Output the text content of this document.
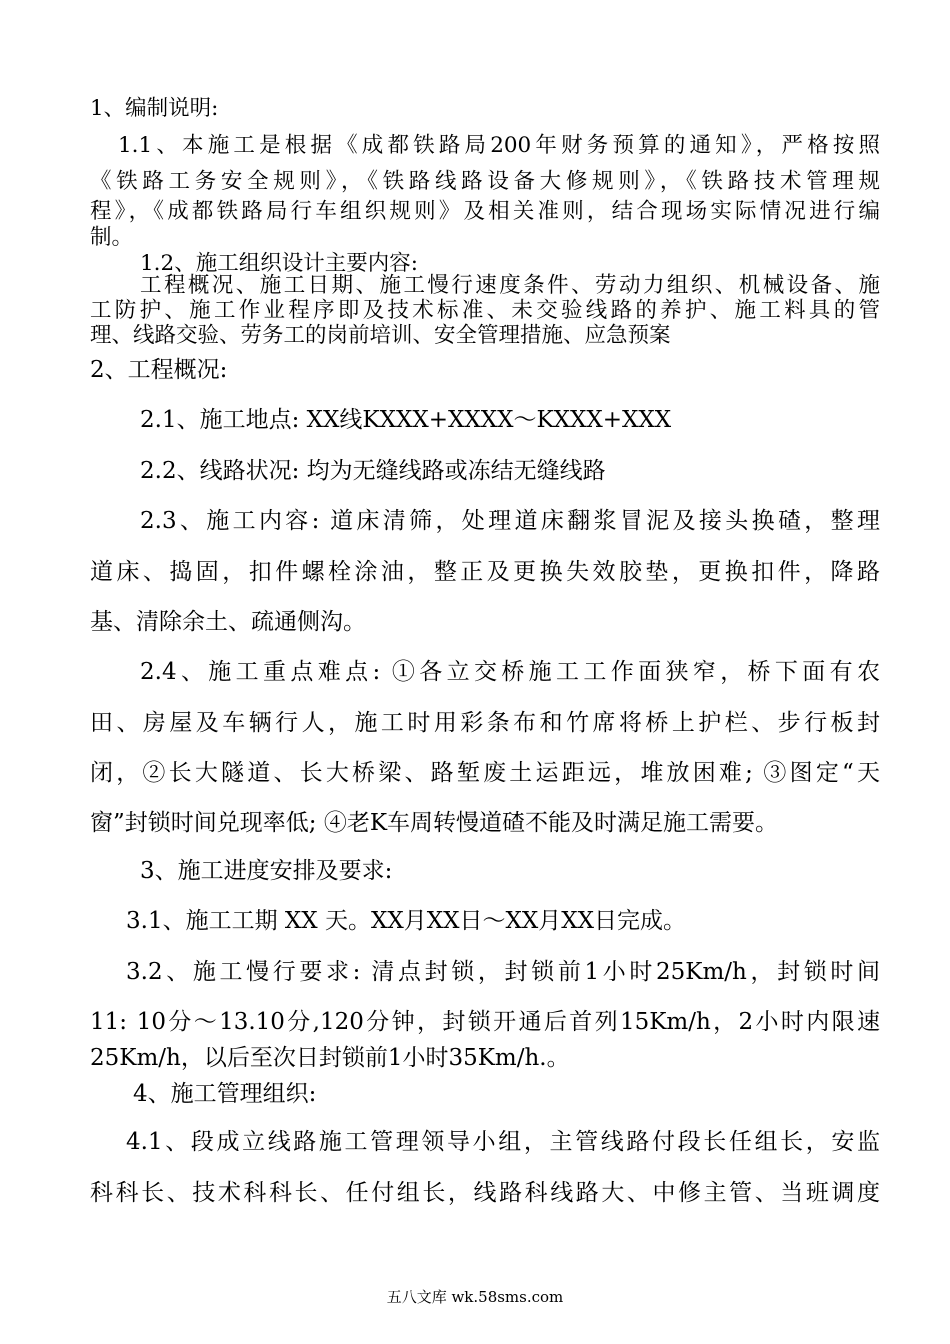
1、编制说明:
1.1、本施工是根据《成都铁路局200年财务预算的通知》，严格按照
《铁路工务安全规则》，《铁路线路设备大修规则》，《铁路技术管理规
程》，《成都铁路局行车组织规则》及相关准则，结合现场实际情况进行编
制。
1.2、施工组织设计主要内容:
工程概况、施工日期、施工慢行速度条件、劳动力组织、机械设备、施
工防护、施工作业程序即及技术标准、未交验线路的养护、施工料具的管
理、线路交验、劳务工的岗前培训、安全管理措施、应急预案
2、工程概况:
2.1、施工地点: XX线KXXX+XXXX～KXXX+XXX
2.2、线路状况: 均为无缝线路或冻结无缝线路
2.3、施工内容: 道床清筛，处理道床翻浆冒泥及接头换碴，整理
道床、捣固，扣件螺栓涂油，整正及更换失效胶垫，更换扣件，降路
基、清除余土、疏通侧沟。
2.4、施工重点难点: ①各立交桥施工工作面狭窄，桥下面有农
田、房屋及车辆行人，施工时用彩条布和竹席将桥上护栏、步行板封
闭，②长大隧道、长大桥梁、路堑废土运距远，堆放困难; ③图定“天
窗”封锁时间兑现率低; ④老K车周转慢道碴不能及时满足施工需要。
3、施工进度安排及要求:
3.1、施工工期 XX 天。XX月XX日～XX月XX日完成。
3.2、施工慢行要求: 清点封锁，封锁前1小时25Km/h，封锁时间
11: 10分～13.10分,120分钟，封锁开通后首列15Km/h，2小时内限速
25Km/h，以后至次日封锁前1小时35Km/h.。
4、施工管理组织:
4.1、段成立线路施工管理领导小组，主管线路付段长任组长，安监
科科长、技术科科长、任付组长，线路科线路大、中修主管、当班调度
五八文库 wk.58sms.com
